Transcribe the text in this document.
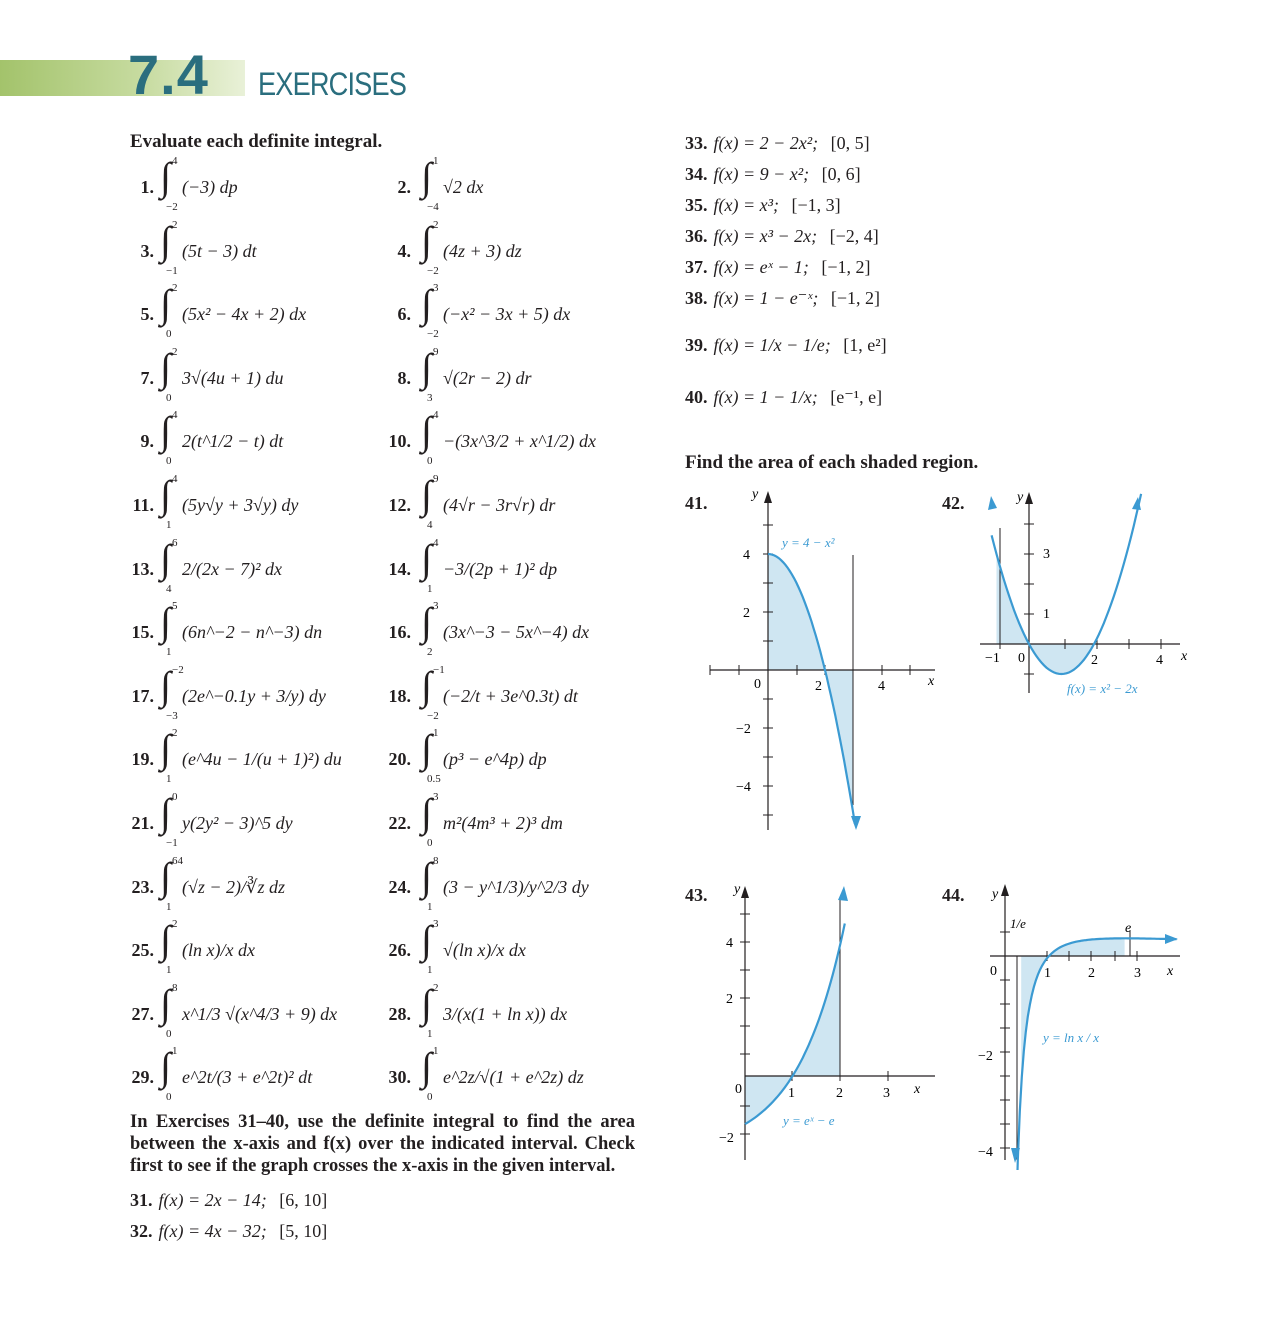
7.4 EXERCISES
Evaluate each definite integral.
1. ∫ 4
−2
(−3) dp	2. ∫ 1
−4
√2 dx
3. ∫ 2
−1
(5t − 3) dt	4. ∫ 2
−2
(4z + 3) dz
5. ∫ 2
0
(5x² − 4x + 2) dx	6. ∫ 3
−2
(−x² − 3x + 5) dx
7. ∫ 2
0
3√(4u + 1) du	8. ∫ 9
3
√(2r − 2) dr
9. ∫ 4
0
2(t^1/2 − t) dt	10. ∫ 4
0
−(3x^3/2 + x^1/2) dx
11. ∫ 4
1
(5y√y + 3√y) dy	12. ∫ 9
4
(4√r − 3r√r) dr
13. ∫ 6
4
2/(2x − 7)² dx	14. ∫ 4
1
−3/(2p + 1)² dp
15. ∫ 5
1
(6n^−2 − n^−3) dn	16. ∫ 3
2
(3x^−3 − 5x^−4) dx
17. ∫ −2
−3
(2e^−0.1y + 3/y) dy	18. ∫ −1
−2
(−2/t + 3e^0.3t) dt
19. ∫ 2
1
(e^4u − 1/(u + 1)²) du	20. ∫ 1
0.5
(p³ − e^4p) dp
21. ∫ 0
−1
y(2y² − 3)^5 dy	22. ∫ 3
0
m²(4m³ + 2)³ dm
23. ∫ 64
1
(√z − 2)/∛z dz	24. ∫ 8
1
(3 − y^1/3)/y^2/3 dy
25. ∫ 2
1
(ln x)/x dx	26. ∫ 3
1
√(ln x)/x dx
27. ∫ 8
0
x^1/3 √(x^4/3 + 9) dx	28. ∫ 2
1
3/(x(1 + ln x)) dx
29. ∫ 1
0
e^2t/(3 + e^2t)² dt	30. ∫ 1
0
e^2z/√(1 + e^2z) dz
In Exercises 31–40, use the definite integral to find the area between the x-axis and f(x) over the indicated interval. Check first to see if the graph crosses the x-axis in the given interval.
31. f(x) = 2x − 14; [6, 10]
32. f(x) = 4x − 32; [5, 10]
33. f(x) = 2 − 2x²; [0, 5]
34. f(x) = 9 − x²; [0, 6]
35. f(x) = x³; [−1, 3]
36. f(x) = x³ − 2x; [−2, 4]
37. f(x) = eˣ − 1; [−1, 2]
38. f(x) = 1 − e⁻ˣ; [−1, 2]
39. f(x) = 1/x − 1/e; [1, e²]
40. f(x) = 1 − 1/x; [e⁻¹, e]
Find the area of each shaded region.
41.	42.
43.	44.
y
x
4
2
−2
−4
0	2	4
y = 4 − x²
y
x
3
1
−1 0	2	4
f(x) = x² − 2x
y
x
4
2
−2
0	1	2	3
y = eˣ − e
y
x
1/e	e
−2
−4
0	1	2	3
y = ln x / x
